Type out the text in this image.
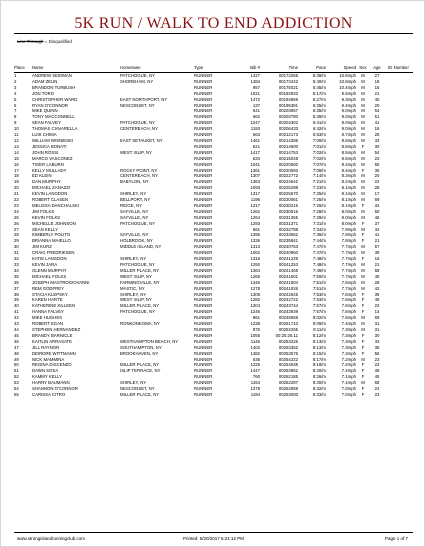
5K RUN / WALK TO END ADDICTION
Line Through = Disqualified
Place	Name	Hometown	Type	Bib #	Time	Pace	Speed	Sex	Age	ID Number
1	ANDREW SEIDMAN	PATCHOGUE, NY	RUNNER	1427	00173255	5:39/m	10.6mph	M	27	
2	ADAM ZEUN	SHOREHAM, NY	RUNNER	1484	00173442	5:40/m	10.6mph	M	18	
3	BRANDON TURBUSH		RUNNER	957	00175021	5:45/m	10.4mph	M	15	
4	JON TORO		RUNNER	1021	00192833	6:17/m	9.6mph	M	21	
5	CHRISTOPHER WARD	EAST NORTHPORT, NY	RUNNER	1472	00194869	6:27/m	9.3mph	M	40	
6	RYAN O'CONNOR	NESCONSET, NY	RUNNER	137	00195391	6:25/m	9.4mph	M	20	
7	MIKE QUINN		RUNNER	641	00203657	6:35/m	9.0mph	M	64	
8	TONY MACCONNELL		RUNNER	662	00203780	6:39/m	9.0mph	M	51	
9	SEAN FALVEY	PATCHOGUE, NY	RUNNER	1247	00204302	6:41/m	9.0mph	M	41	
10	THOMAS CIAVARELLA	CENTEREACH, NY	RUNNER	1193	00206433	6:42/m	9.0mph	M	16	
11	LUIS CHIMA		RUNNER	663	00212173	6:53/m	8.7mph	M	28	
12	WILLIAM WISNIESKI	EAST SETAUKET, NY	RUNNER	1461	00214286	7:00/m	8.6mph	M	33	
13	JESSICA BONATI		RUNNER	621	00214600	7:01/m	8.5mph	F	30	
14	JOHN ROSSI	WEST ISLIP, NY	RUNNER	1417	00214753	7:02/m	8.5mph	M	54	
15	MARCO VASCONEZ		RUNNER	634	00215048	7:02/m	8.5mph	M	23	
16	TIGER LABURN		RUNNER	1041	00220592	7:07/m	8.4mph	M	55	
17	KELLY MULLADY	ROCKY POINT, NY	RUNNER	1361	00220693	7:08/m	8.4mph	F	35	
18	ED KLEIN	CENTEREACH, NY	RUNNER	1307	00222772	7:14/m	8.3mph	M	20	
19	DAN MURPHY	BABYLON, NY	RUNNER	1363	00224642	7:21/m	8.2mph	M	22	
20	MICHAEL ZANAZZI		RUNNER	1093	00225298	7:23/m	8.1mph	M	28	
21	KEVIN LANGDON	SHIRLEY, NY	RUNNER	1317	00225670	7:25/m	8.1mph	M	17	
22	ROBERT CLASEN	BELLPORT, NY	RUNNER	1196	00230061	7:25/m	8.1mph	M	69	
23	MELISSA DANCHALSKI	RIDGE, NY	RUNNER	1217	00230216	7:26/m	8.1mph	F	34	
24	JIM FOLKS	SAYVILLE, NY	RUNNER	1262	00230516	7:28/m	8.0mph	M	50	
25	KEVIN FOLKS	SAYVILLE, NY	RUNNER	1264	00231355	7:29/m	8.0mph	M	46	
26	MICHELLE JOHNSON	PATCHOGUE, NY	RUNNER	1293	00231371	7:31/m	8.0mph	F	37	
27	SEAN KELLY		RUNNER	661	00232788	7:34/m	7.9mph	M	34	
28	KIMBERLY POLITO	SAYVILLE, NY	RUNNER	1396	00233662	7:36/m	7.9mph	F	41	
29	BRIANNA MAIELLO	HOLBROOK, NY	RUNNER	1336	00235841	7:44/m	7.8mph	F	21	
30	JIM KURZ	MIDDLE ISLAND, NY	RUNNER	1313	00240753	7:47/m	7.7mph	M	57	
31	CRAIG FREDRIKSEN		RUNNER	1062	00240860	7:47/m	7.7mph	M	39	
32	KATIE LANGDON	SHIRLEY, NY	RUNNER	1316	00241225	7:48/m	7.7mph	F	16	
33	KEVIN JARA	PATCHOGUE, NY	RUNNER	1292	00241253	7:48/m	7.7mph	M	21	
34	GLENN MURPHY	MILLER PLACE, NY	RUNNER	1364	00241465	7:49/m	7.7mph	M	58	
35	MICHAEL FOLKS	WEST ISLIP, NY	RUNNER	1265	00241601	7:50/m	7.7mph	M	48	
36	JOSEPH MASTROGIOVANNI	FARMINGVILLE, NY	RUNNER	1346	00241804	7:51/m	7.6mph	M	28	
37	REM GODFREY	MASTIC, NY	RUNNER	1278	00241926	7:51/m	7.7mph	M	42	
38	STACIA KLEPSKY	SHIRLEY, NY	RUNNER	1308	00242645	7:53/m	7.6mph	F	39	
39	KAREN HARTE	WEST ISLIP, NY	RUNNER	1282	00242722	7:53/m	7.6mph	F	49	
40	KATHERINE KILLEEN	MILLER PLACE, NY	RUNNER	1304	00243744	7:57/m	7.6mph	F	23	
41	HANNA FALVEY	PATCHOGUE, NY	RUNNER	1246	00243939	7:57/m	7.5mph	F	14	
42	MIKE HUGHES		RUNNER	961	00245558	8:02/m	7.5mph	M	59	
43	ROBERT EGAN	RONKONKOMA, NY	RUNNER	1238	00251710	8:09/m	7.4mph	M	31	
44	STEPHEN HERNANDEZ		RUNNER	875	00252265	8:11/m	7.3mph	M	31	
45	BRANDY BARNICLE		RUNNER	1055	00:25:25.11	8:12/m	7.3mph	F	30	
46	KAITLIN ARRASATE	WESTHAMPTON BEACH, NY	RUNNER	1146	00253226	8:13/m	7.3mph	F	33	
47	JILL RAYNOR	SOUTHAMPTON, NY	RUNNER	1402	00253352	8:13/m	7.3mph	F	38	
48	DEIRDRE WITTMANN	BROOKHAVEN, NY	RUNNER	1482	00253576	8:15/m	7.3mph	F	56	
49	NICK MAMMINA		RUNNER	636	00254222	8:17/m	7.2mph	M	23	
50	REGINA DISCENZO	MILLER PLACE, NY	RUNNER	1225	00254538	8:18/m	7.2mph	F	23	
51	DAWN SOSA	ISLIP TERRACE, NY	RUNNER	1447	00254862	8:20/m	7.2mph	F	39	
52	KAMMY KELLY		RUNNER	760	00262185	8:26/m	7.1mph	F	45	
53	HARRY BAUMANN	SHIRLEY, NY	RUNNER	1154	00262287	8:30/m	7.1mph	M	58	
54	SHANNON O'CONNOR	NESCONSET, NY	RUNNER	1378	00262959	8:32/m	7.0mph	F	24	
55	CARISSA CITRO	MILLER PLACE, NY	RUNNER	1194	00263000	8:33/m	7.0mph	F	23	
www.strongislandrunningclub.com	Printed: 5/20/2017 5:21:12 PM	Page 1 of 7
